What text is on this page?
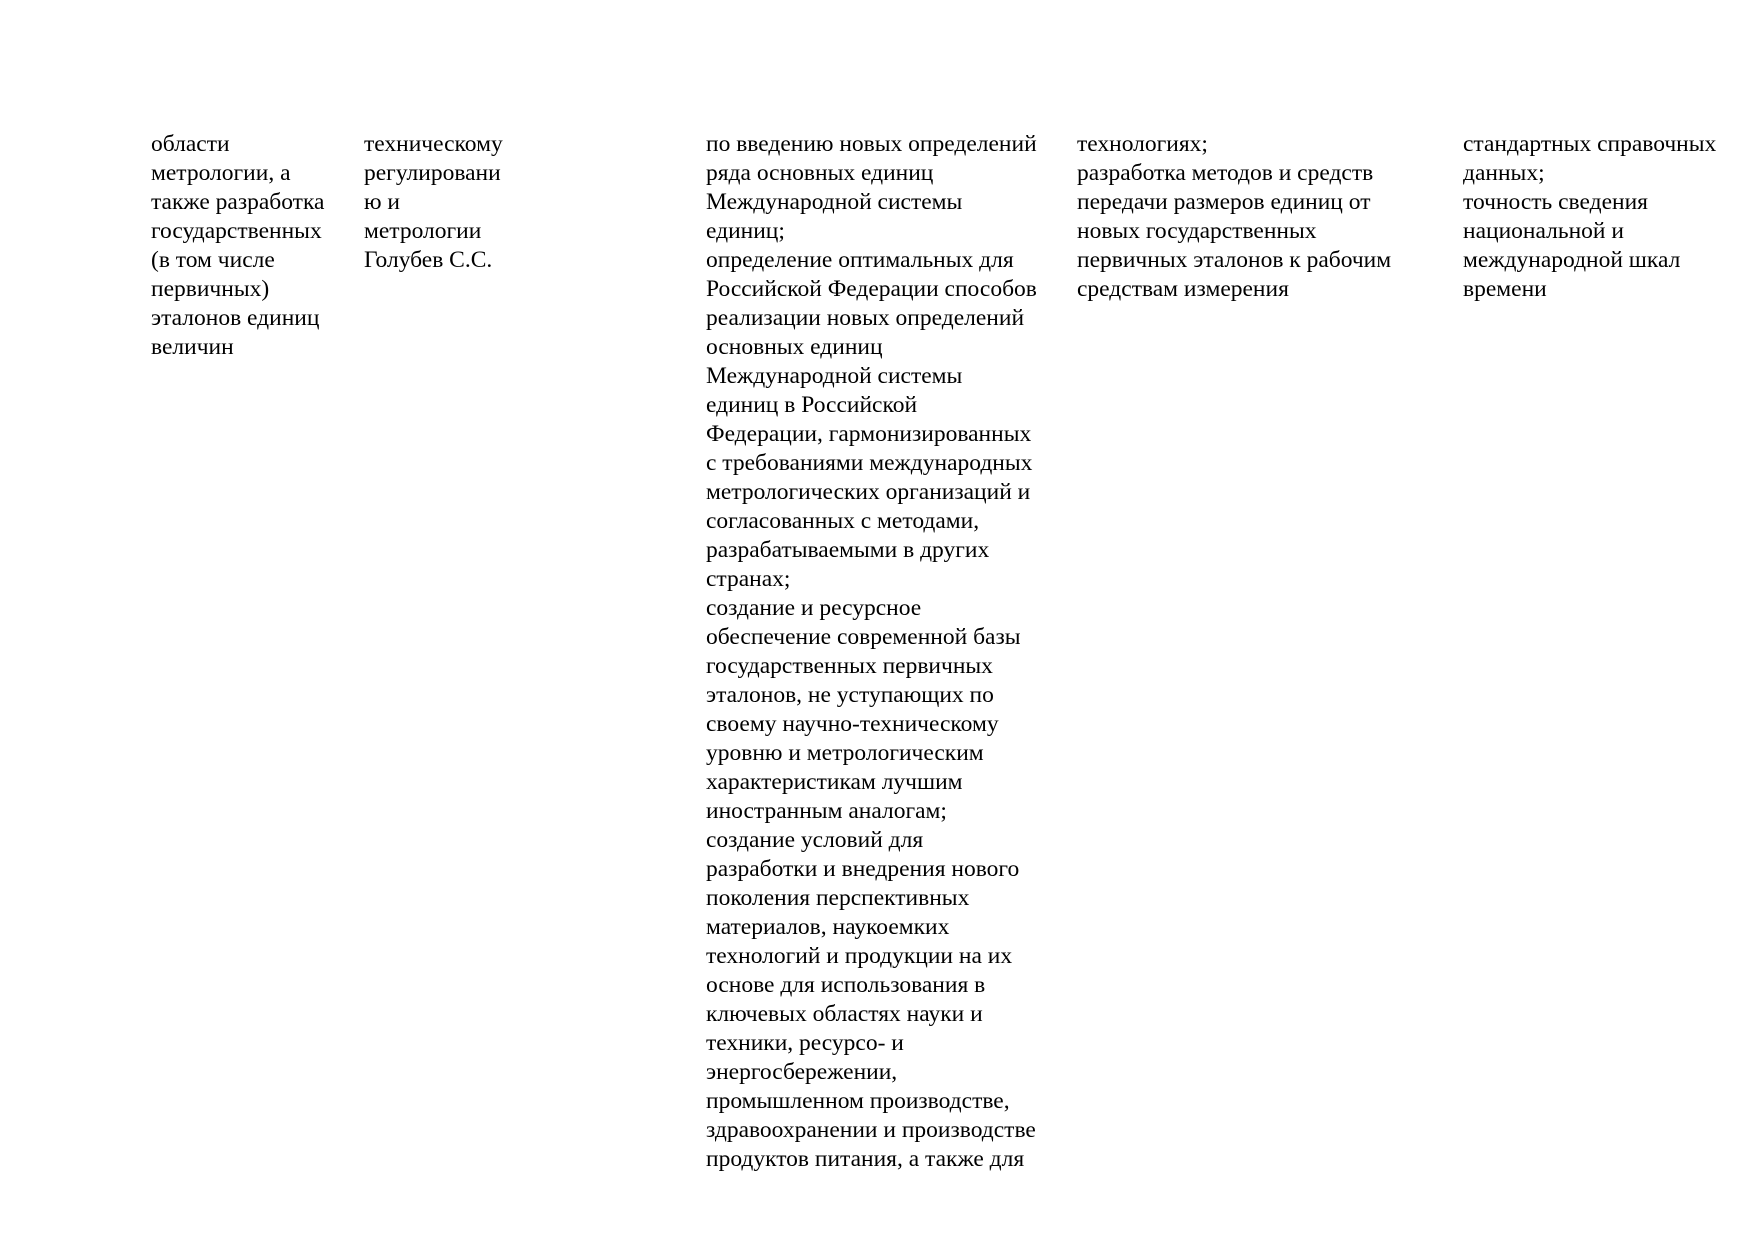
области
метрологии, а
также разработка
государственных
(в том числе
первичных)
эталонов единиц
величин
техническому
регулировани
ю и
метрологии
Голубев С.С.
по введению новых определений
ряда основных единиц
Международной системы
единиц;
определение оптимальных для
Российской Федерации способов
реализации новых определений
основных единиц
Международной системы
единиц в Российской
Федерации, гармонизированных
с требованиями международных
метрологических организаций и
согласованных с методами,
разрабатываемыми в других
странах;
создание и ресурсное
обеспечение современной базы
государственных первичных
эталонов, не уступающих по
своему научно-техническому
уровню и метрологическим
характеристикам лучшим
иностранным аналогам;
создание условий для
разработки и внедрения нового
поколения перспективных
материалов, наукоемких
технологий и продукции на их
основе для использования в
ключевых областях науки и
техники, ресурсо- и
энергосбережении,
промышленном производстве,
здравоохранении и производстве
продуктов питания, а также для
технологиях;
разработка методов и средств
передачи размеров единиц от
новых государственных
первичных эталонов к рабочим
средствам измерения
стандартных справочных
данных;
точность сведения
национальной и
международной шкал
времени
